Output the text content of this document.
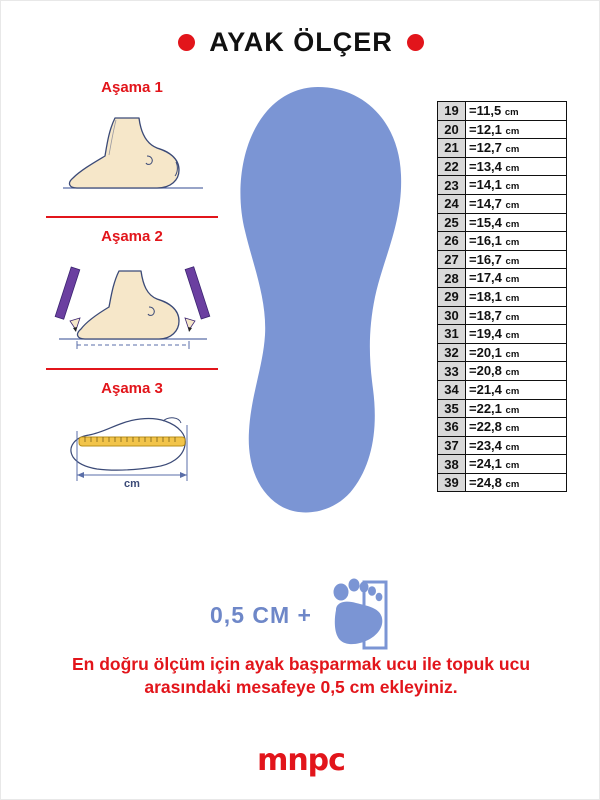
AYAK ÖLÇER
Aşama 1
Aşama 2
Aşama 3
cm
19	=11,5 cm
20	=12,1 cm
21	=12,7 cm
22	=13,4 cm
23	=14,1 cm
24	=14,7 cm
25	=15,4 cm
26	=16,1 cm
27	=16,7 cm
28	=17,4 cm
29	=18,1 cm
30	=18,7 cm
31	=19,4 cm
32	=20,1 cm
33	=20,8 cm
34	=21,4 cm
35	=22,1 cm
36	=22,8 cm
37	=23,4 cm
38	=24,1 cm
39	=24,8 cm
0,5 CM +
En doğru ölçüm için ayak başparmak ucu ile topuk ucu arasındaki mesafeye 0,5 cm ekleyiniz.
mnpc
